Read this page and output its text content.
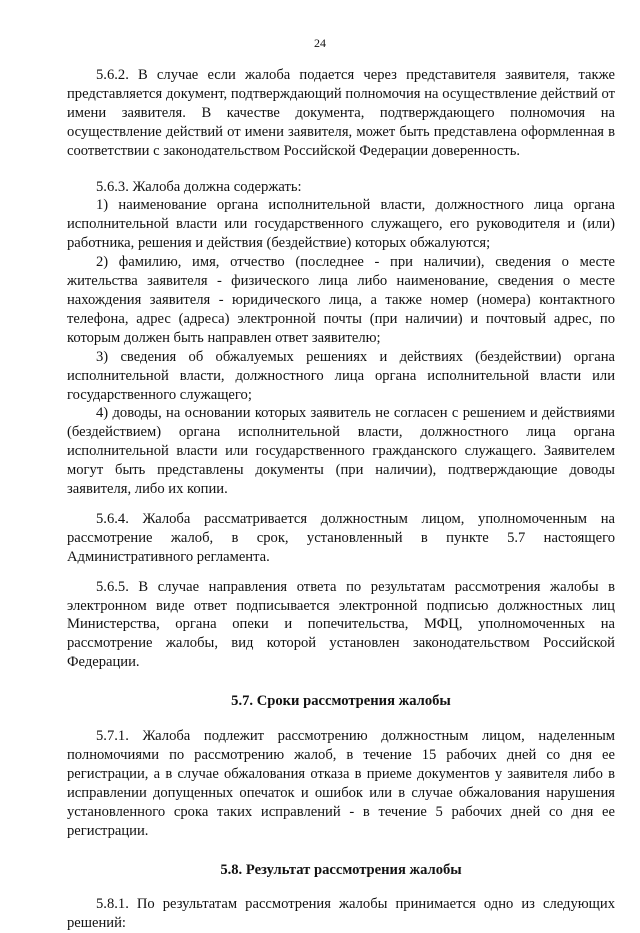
24

5.6.2. В случае если жалоба подается через представителя заявителя, также представляется документ, подтверждающий полномочия на осуществление действий от имени заявителя. В качестве документа, подтверждающего полномочия на осуществление действий от имени заявителя, может быть представлена оформленная в соответствии с законодательством Российской Федерации доверенность.

5.6.3. Жалоба должна содержать:

1) наименование органа исполнительной власти, должностного лица органа исполнительной власти или государственного служащего, его руководителя и (или) работника, решения и действия (бездействие) которых обжалуются;

2) фамилию, имя, отчество (последнее - при наличии), сведения о месте жительства заявителя - физического лица либо наименование, сведения о месте нахождения заявителя - юридического лица, а также номер (номера) контактного телефона, адрес (адреса) электронной почты (при наличии) и почтовый адрес, по которым должен быть направлен ответ заявителю;

3) сведения об обжалуемых решениях и действиях (бездействии) органа исполнительной власти, должностного лица органа исполнительной власти или государственного служащего;

4) доводы, на основании которых заявитель не согласен с решением и действиями (бездействием) органа исполнительной власти, должностного лица органа исполнительной власти или государственного гражданского служащего. Заявителем могут быть представлены документы (при наличии), подтверждающие доводы заявителя, либо их копии.

5.6.4. Жалоба рассматривается должностным лицом, уполномоченным на рассмотрение жалоб, в срок, установленный в пункте 5.7 настоящего Административного регламента.

5.6.5. В случае направления ответа по результатам рассмотрения жалобы в электронном виде ответ подписывается электронной подписью должностных лиц Министерства, органа опеки и попечительства, МФЦ, уполномоченных на рассмотрение жалобы, вид которой установлен законодательством Российской Федерации.

5.7. Сроки рассмотрения жалобы

5.7.1. Жалоба подлежит рассмотрению должностным лицом, наделенным полномочиями по рассмотрению жалоб, в течение 15 рабочих дней со дня ее регистрации, а в случае обжалования отказа в приеме документов у заявителя либо в исправлении допущенных опечаток и ошибок или в случае обжалования нарушения установленного срока таких исправлений - в течение 5 рабочих дней со дня ее регистрации.

5.8. Результат рассмотрения жалобы

5.8.1. По результатам рассмотрения жалобы принимается одно из следующих решений:
